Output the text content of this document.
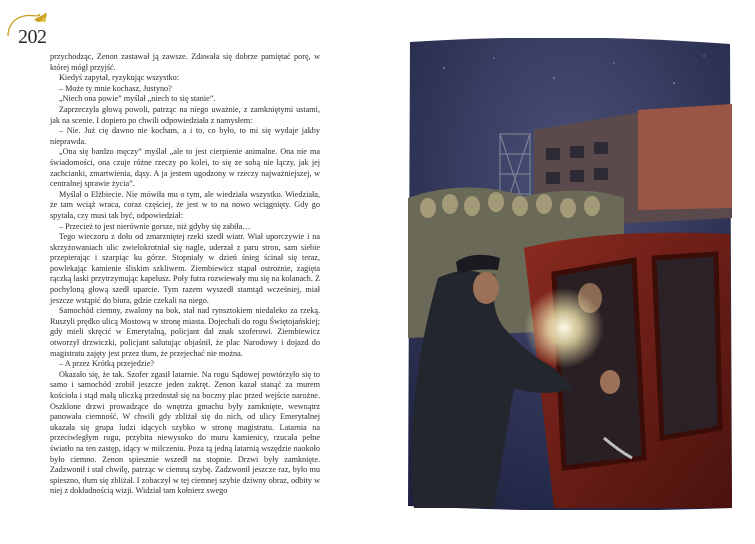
202

przychodząc, Zenon zastawał ją zawsze. Zdawała się dobrze pamiętać porę, w której mógł przyjść.

Kiedyś zapytał, ryzykując wszystko:

– Może ty mnie kochasz, Justyno?

„Niech ona powie” myślał „niech to się stanie”.

Zaprzeczyła głową powoli, patrząc na niego uważnie, z zamkniętymi ustami, jak na scenie. I dopiero po chwili odpowiedziała z namysłem:

– Nie. Już cię dawno nie kocham, a i to, co było, to mi się wydaje jakby nieprawda.

„Ona się bardzo męczy” myślał „ale to jest cierpienie animalne. Ona nie ma świadomości, ona czuje różne rzeczy po kolei, to się ze sobą nie łączy, jak jej zachcianki, zmartwienia, dąsy. A ja jestem ugodzony w rzeczy najważniejszej, w centralnej sprawie życia”.

Myślał o Elżbiecie. Nie mówiła mu o tym, ale wiedziała wszystko. Wiedziała, że tam wciąż wraca, coraz częściej, że jest w to na nowo wciągnięty. Gdy go spytała, czy musi tak być, odpowiedział:

– Przecież to jest nierównie gorsze, niż gdyby się zabiła…

Tego wieczoru z dołu od zmarzniętej rzeki szedł wiatr. Wiał uporczywie i na skrzyżowaniach ulic zwielokrotniał się nagle, uderzał z paru stron, sam siebie przepierając i szarpiąc ku górze. Stopniały w dzień śnieg ścinał się teraz, powlekając kamienie śliskim szkliwem. Ziembiewicz stąpał ostrożnie, zagięta rączką laski przytrzymując kapelusz. Poły futra rozwiewały mu się na kolanach. Z pochyloną głową szedł uparcie. Tym razem wyszedł stamtąd wcześniej, miał jeszcze wstąpić do biura, gdzie czekali na niego.

Samochód ciemny, zwalony na bok, stał nad rynsztokiem niedaleko za rzeką. Ruszyli prędko ulicą Mostową w stronę miasta. Dojechali do rogu Świętojańskiej; gdy mieli skręcić w Emerytalną, policjant dał znak szoferowi. Ziembiewicz otworzył drzwiczki, policjant salutując objaśnił, że plac Narodowy i dojazd do magistratu zajęty jest przez tłum, że przejechać nie można.

– A przez Krótką przejedzie?

Okazało się, że tak. Szofer zgasił latarnie. Na rogu Sądowej powtórzyło się to samo i samochód zrobił jeszcze jeden zakręt. Zenon kazał stanąć za murem kościoła i stąd małą uliczką przedostał się na boczny plac przed wejście narożne. Oszklone drzwi prowadzące do wnętrza gmachu były zamknięte, wewnątrz panowała ciemność. W chwili gdy zbliżał się do nich, od ulicy Emerytalnej ukazała się grupa ludzi idących szybko w stronę magistratu. Latarnia na przeciwległym rogu, przybita niewysoko do muru kamienicy, rzucała pełne światło na ten zastęp, idący w milczeniu. Poza tą jedną latarnią wszędzie naokoło było ciemno. Zenon spiesznie wszedł na stopnie. Drzwi były zamknięte. Zadzwonił i stał chwilę, patrząc w ciemną szybę. Zadzwonił jeszcze raz, było mu spieszno, tłum się zbliżał. I zobaczył w tej ciemnej szybie dziwny obraz, odbity w niej z dokładnością wizji. Widział tam kołnierz swego
